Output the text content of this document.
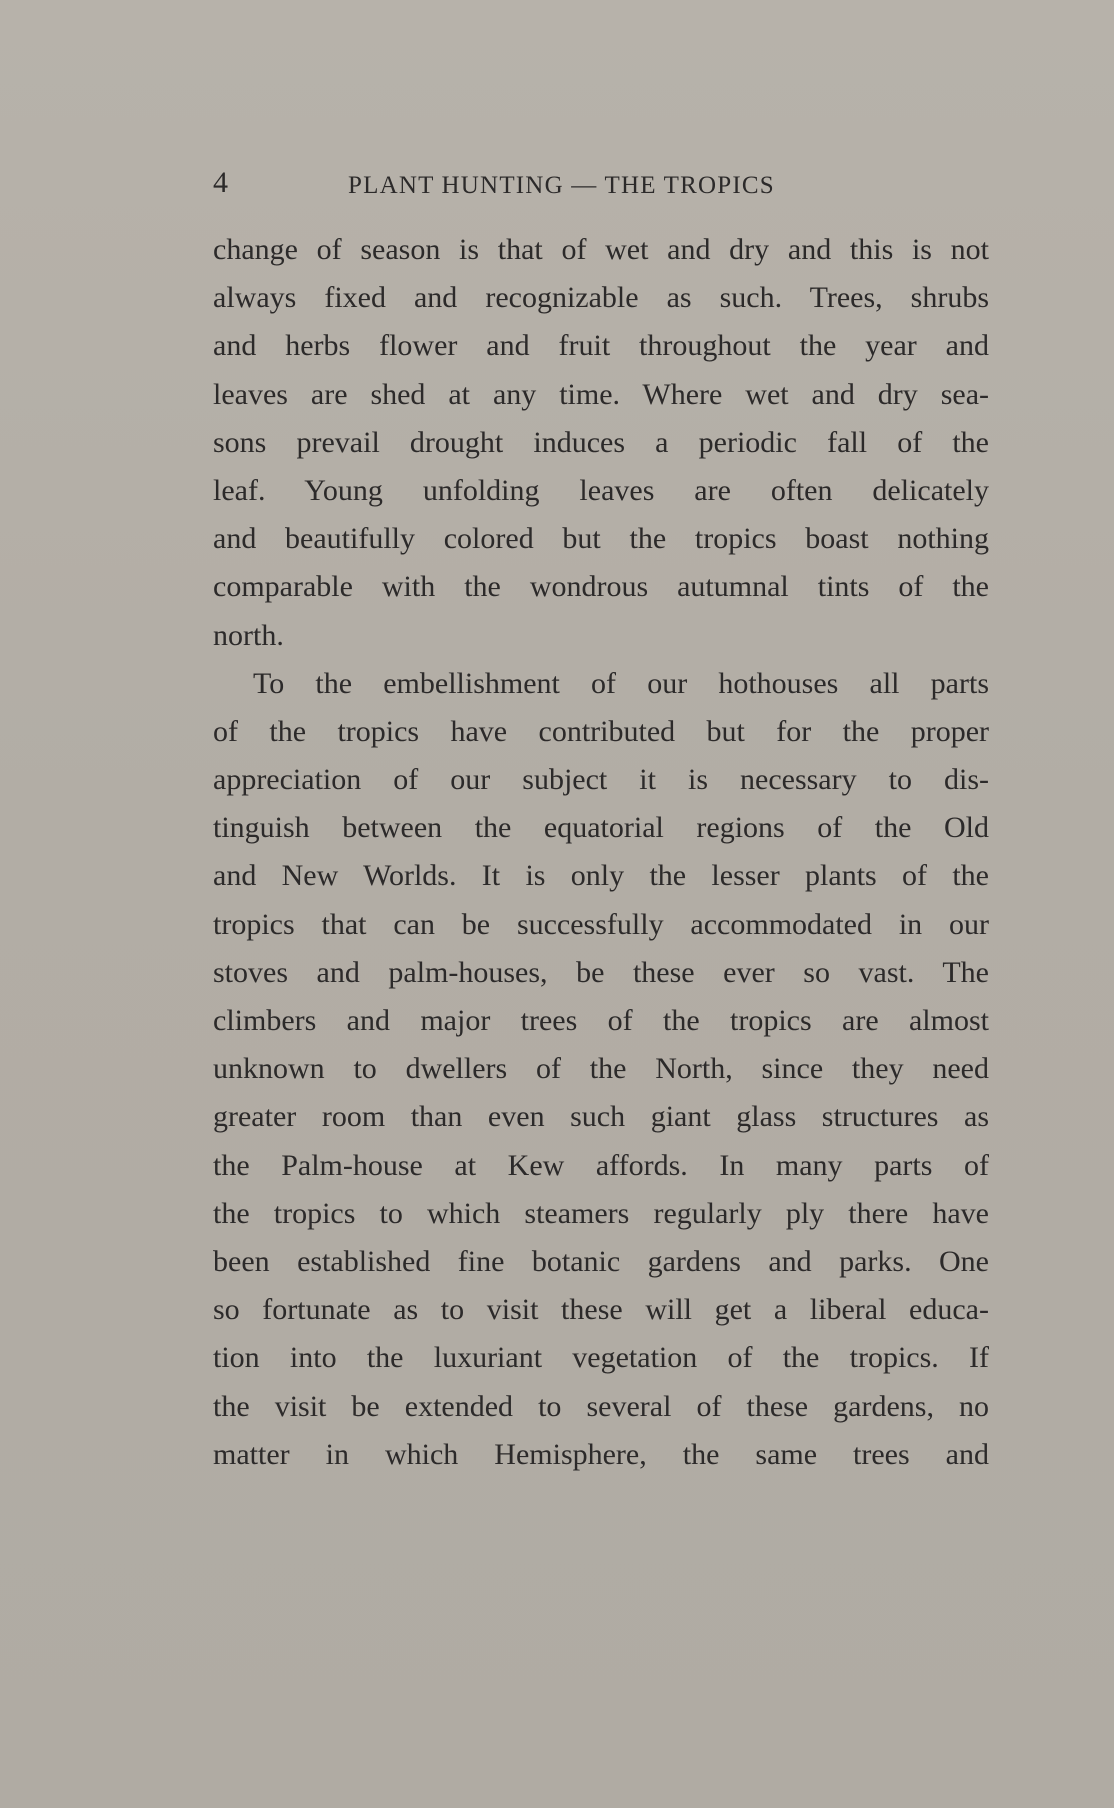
4	PLANT HUNTING — THE TROPICS
change of season is that of wet and dry and this is not
always fixed and recognizable as such. Trees, shrubs
and herbs flower and fruit throughout the year and
leaves are shed at any time. Where wet and dry sea-
sons prevail drought induces a periodic fall of the
leaf. Young unfolding leaves are often delicately
and beautifully colored but the tropics boast nothing
comparable with the wondrous autumnal tints of the
north.
To the embellishment of our hothouses all parts
of the tropics have contributed but for the proper
appreciation of our subject it is necessary to dis-
tinguish between the equatorial regions of the Old
and New Worlds. It is only the lesser plants of the
tropics that can be successfully accommodated in our
stoves and palm-houses, be these ever so vast. The
climbers and major trees of the tropics are almost
unknown to dwellers of the North, since they need
greater room than even such giant glass structures as
the Palm-house at Kew affords. In many parts of
the tropics to which steamers regularly ply there have
been established fine botanic gardens and parks. One
so fortunate as to visit these will get a liberal educa-
tion into the luxuriant vegetation of the tropics. If
the visit be extended to several of these gardens, no
matter in which Hemisphere, the same trees and
